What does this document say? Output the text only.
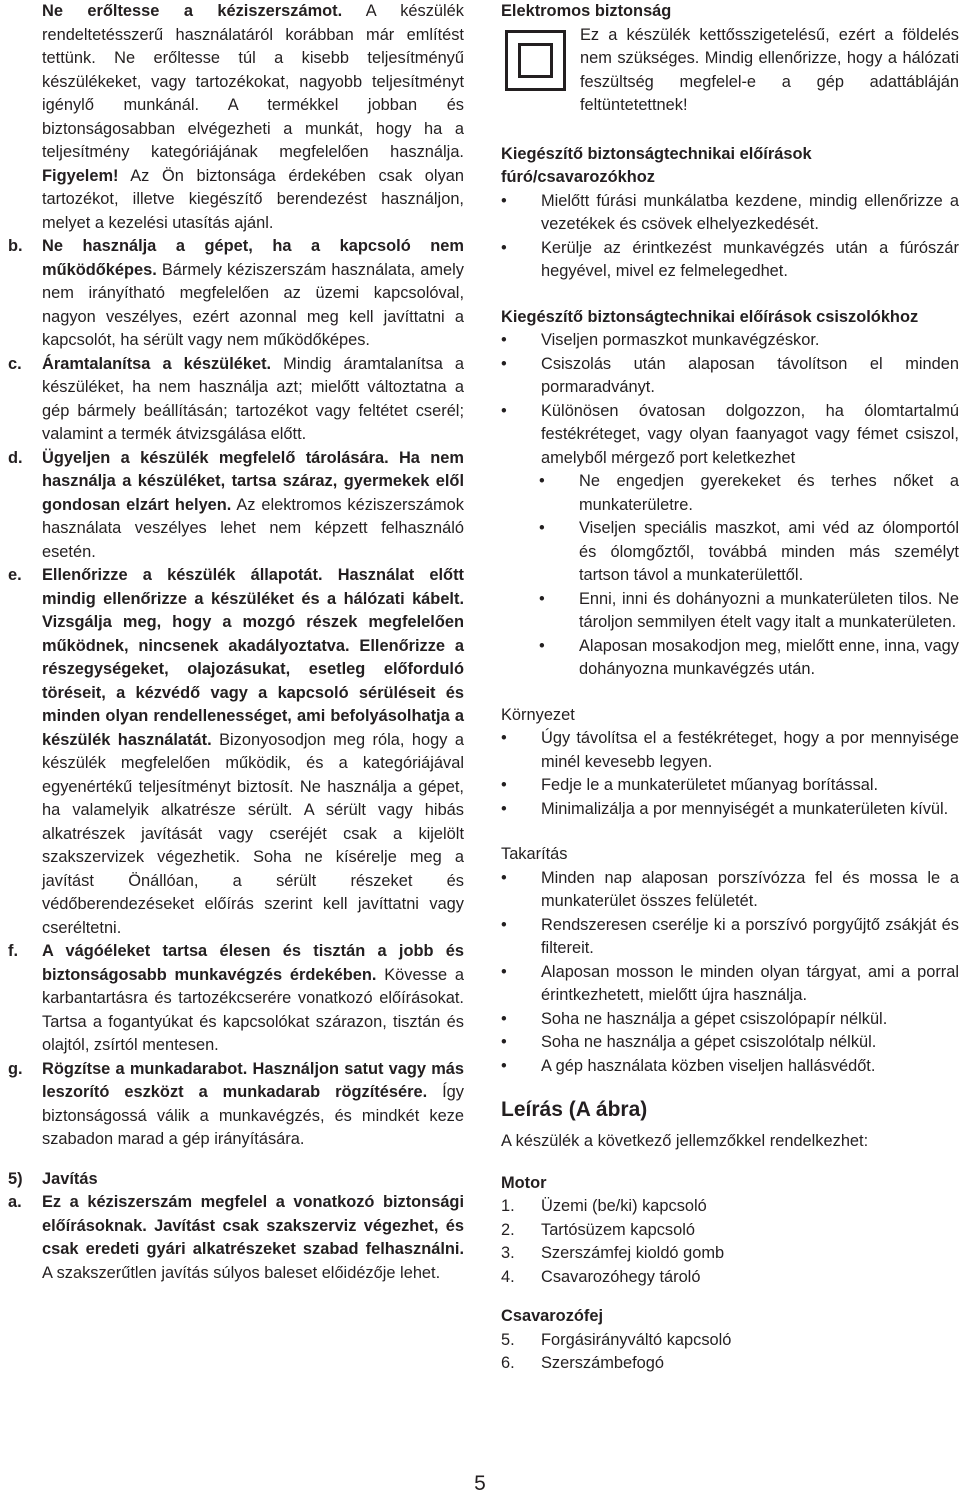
Ne erőltesse a kéziszerszámot. A készülék rendeltetésszerű használatáról korábban már említést tettünk. Ne erőltesse túl a kisebb teljesítményű készülékeket, vagy tartozékokat, nagyobb teljesítményt igénylő munkánál. A termékkel jobban és biztonságosabban elvégezheti a munkát, hogy ha a teljesítmény kategóriájának megfelelően használja. Figyelem! Az Ön biztonsága érdekében csak olyan tartozékot, illetve kiegészítő berendezést használjon, melyet a kezelési utasítás ajánl.
b.	Ne használja a gépet, ha a kapcsoló nem működőképes. Bármely kéziszerszám használata, amely nem irányítható megfelelően az üzemi kapcsolóval, nagyon veszélyes, ezért azonnal meg kell javíttatni a kapcsolót, ha sérült vagy nem működőképes.
c.	Áramtalanítsa a készüléket. Mindig áramtalanítsa a készüléket, ha nem használja azt; mielőtt változtatna a gép bármely beállításán; tartozékot vagy feltétet cserél; valamint a termék átvizsgálása előtt.
d.	Ügyeljen a készülék megfelelő tárolására. Ha nem használja a készüléket, tartsa száraz, gyermekek elől gondosan elzárt helyen. Az elektromos kéziszerszámok használata veszélyes lehet nem képzett felhasználó esetén.
e.	Ellenőrizze a készülék állapotát. Használat előtt mindig ellenőrizze a készüléket és a hálózati kábelt. Vizsgálja meg, hogy a mozgó részek megfelelően működnek, nincsenek akadályoztatva. Ellenőrizze a részegységeket, olajozásukat, esetleg előforduló töréseit, a kézvédő vagy a kapcsoló sérüléseit és minden olyan rendellenességet, ami befolyásolhatja a készülék használatát. Bizonyosodjon meg róla, hogy a készülék megfelelően működik, és a kategóriájával egyenértékű teljesítményt biztosít. Ne használja a gépet, ha valamelyik alkatrésze sérült. A sérült vagy hibás alkatrészek javítását vagy cseréjét csak a kijelölt szakszervizek végezhetik. Soha ne kísérelje meg a javítást Önállóan, a sérült részeket és védőberendezéseket előírás szerint kell javíttatni vagy cseréltetni.
f.	A vágóéleket tartsa élesen és tisztán a jobb és biztonságosabb munkavégzés érdekében. Kövesse a karbantartásra és tartozékcserére vonatkozó előírásokat. Tartsa a fogantyúkat és kapcsolókat szárazon, tisztán és olajtól, zsírtól mentesen.
g.	Rögzítse a munkadarabot. Használjon satut vagy más leszorító eszközt a munkadarab rögzítésére. Így biztonságossá válik a munkavégzés, és mindkét keze szabadon marad a gép irányítására.
5)	Javítás
a.	Ez a kéziszerszám megfelel a vonatkozó biztonsági előírásoknak. Javítást csak szakszerviz végezhet, és csak eredeti gyári alkatrészeket szabad felhasználni. A szakszerűtlen javítás súlyos baleset előidézője lehet.
Elektromos biztonság

Ez a készülék kettősszigetelésű, ezért a földelés nem szükséges. Mindig ellenőrizze, hogy a hálózati feszültség megfelel-e a gép adattábláján feltüntetettnek!

Kiegészítő biztonságtechnikai előírások fúró/csavarozókhoz
• Mielőtt fúrási munkálatba kezdene, mindig ellenőrizze a vezetékek és csövek elhelyezkedését.
• Kerülje az érintkezést munkavégzés után a fúrószár hegyével, mivel ez felmelegedhet.
Kiegészítő biztonságtechnikai előírások csiszolókhoz
• Viseljen pormaszkot munkavégzéskor.
• Csiszolás után alaposan távolítson el minden pormaradványt.
• Különösen óvatosan dolgozzon, ha ólomtartalmú festékréteget, vagy olyan faanyagot vagy fémet csiszol, amelyből mérgező port keletkezhet
• Ne engedjen gyerekeket és terhes nőket a munkaterületre.
• Viseljen speciális maszkot, ami véd az ólomportól és ólomgőztől, továbbá minden más személyt tartson távol a munkaterülettől.
• Enni, inni és dohányozni a munkaterületen tilos. Ne tároljon semmilyen ételt vagy italt a munkaterületen.
• Alaposan mosakodjon meg, mielőtt enne, inna, vagy dohányozna munkavégzés után.

Környezet

• Úgy távolítsa el a festékréteget, hogy a por mennyisége minél kevesebb legyen.
• Fedje le a munkaterületet műanyag borítással.
• Minimalizálja a por mennyiségét a munkaterületen kívül.

Takarítás

• Minden nap alaposan porszívózza fel és mossa le a munkaterület összes felületét.
• Rendszeresen cserélje ki a porszívó porgyűjtő zsákját és filtereit.
• Alaposan mosson le minden olyan tárgyat, ami a porral érintkezhetett, mielőtt újra használja.
• Soha ne használja a gépet csiszolópapír nélkül.
• Soha ne használja a gépet csiszolótalp nélkül.
• A gép használata közben viseljen hallásvédőt.
Leírás (A ábra)

A készülék a következő jellemzőkkel rendelkezhet:

Motor
1.	Üzemi (be/ki) kapcsoló
2.	Tartósüzem kapcsoló
3.	Szerszámfej kioldó gomb
4.	Csavarozóhegy tároló
Csavarozófej
5.	Forgásirányváltó kapcsoló
6.	Szerszámbefogó
5
